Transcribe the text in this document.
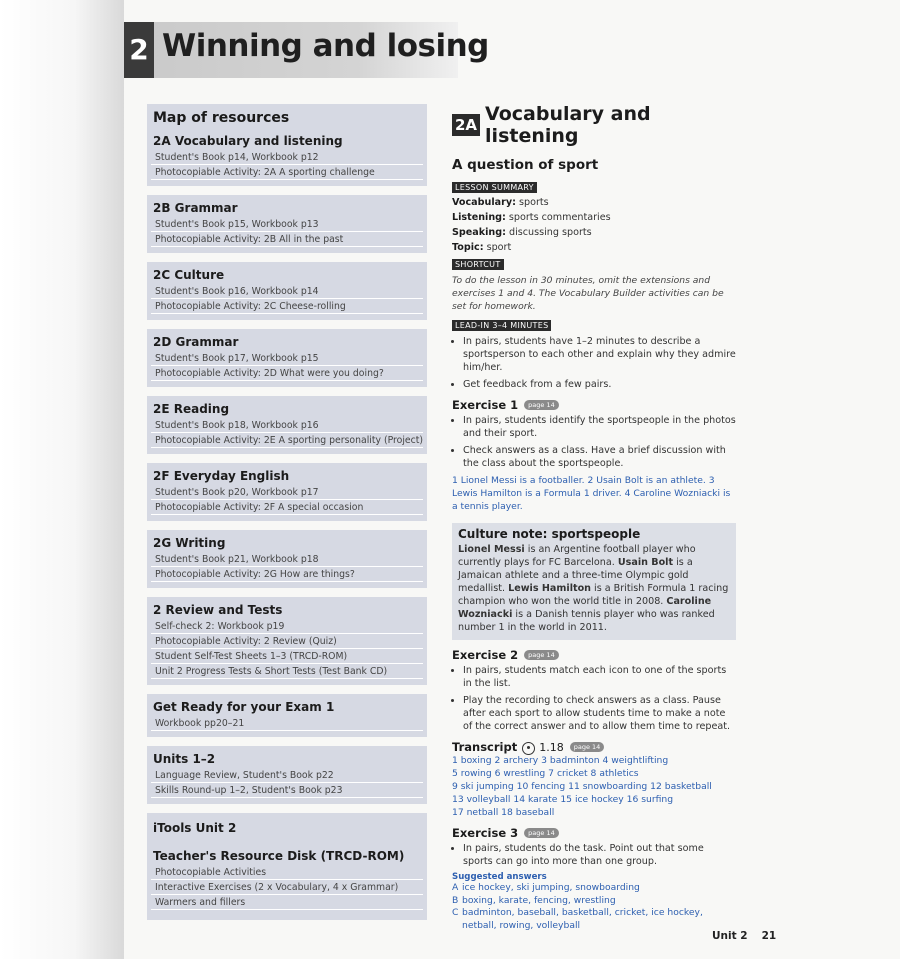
2 Winning and losing
Map of resources
2A Vocabulary and listening
Student's Book p14, Workbook p12
Photocopiable Activity: 2A A sporting challenge
2B Grammar
Student's Book p15, Workbook p13
Photocopiable Activity: 2B All in the past
2C Culture
Student's Book p16, Workbook p14
Photocopiable Activity: 2C Cheese-rolling
2D Grammar
Student's Book p17, Workbook p15
Photocopiable Activity: 2D What were you doing?
2E Reading
Student's Book p18, Workbook p16
Photocopiable Activity: 2E A sporting personality (Project)
2F Everyday English
Student's Book p20, Workbook p17
Photocopiable Activity: 2F A special occasion
2G Writing
Student's Book p21, Workbook p18
Photocopiable Activity: 2G How are things?
2 Review and Tests
Self-check 2: Workbook p19
Photocopiable Activity: 2 Review (Quiz)
Student Self-Test Sheets 1–3 (TRCD-ROM)
Unit 2 Progress Tests & Short Tests (Test Bank CD)
Get Ready for your Exam 1
Workbook pp20–21
Units 1–2
Language Review, Student's Book p22
Skills Round-up 1–2, Student's Book p23
iTools Unit 2
Teacher's Resource Disk (TRCD-ROM)
Photocopiable Activities
Interactive Exercises (2 x Vocabulary, 4 x Grammar)
Warmers and fillers
2A Vocabulary and listening
A question of sport
LESSON SUMMARY
Vocabulary: sports
Listening: sports commentaries
Speaking: discussing sports
Topic: sport
SHORTCUT
To do the lesson in 30 minutes, omit the extensions and exercises 1 and 4. The Vocabulary Builder activities can be set for homework.
LEAD-IN 3–4 MINUTES
• In pairs, students have 1–2 minutes to describe a sportsperson to each other and explain why they admire him/her.
• Get feedback from a few pairs.
Exercise 1	page 14
• In pairs, students identify the sportspeople in the photos and their sport.
• Check answers as a class. Have a brief discussion with the class about the sportspeople.
1 Lionel Messi is a footballer. 2 Usain Bolt is an athlete. 3 Lewis Hamilton is a Formula 1 driver. 4 Caroline Wozniacki is a tennis player.
Culture note: sportspeople

Lionel Messi is an Argentine football player who currently plays for FC Barcelona. Usain Bolt is a Jamaican athlete and a three-time Olympic gold medallist. Lewis Hamilton is a British Formula 1 racing champion who won the world title in 2008. Caroline Wozniacki is a Danish tennis player who was ranked number 1 in the world in 2011.

Exercise 2	page 14
• In pairs, students match each icon to one of the sports in the list.
• Play the recording to check answers as a class. Pause after each sport to allow students time to make a note of the correct answer and to allow them time to repeat.
Transcript 1.18	page 14
1 boxing 2 archery 3 badminton 4 weightlifting
5 rowing 6 wrestling 7 cricket 8 athletics
9 ski jumping 10 fencing 11 snowboarding 12 basketball
13 volleyball 14 karate 15 ice hockey 16 surfing
17 netball 18 baseball
Exercise 3	page 14
• In pairs, students do the task. Point out that some sports can go into more than one group.
Suggested answers
A ice hockey, ski jumping, snowboarding
B boxing, karate, fencing, wrestling
C badminton, baseball, basketball, cricket, ice hockey, netball, rowing, volleyball
Unit 2 21
